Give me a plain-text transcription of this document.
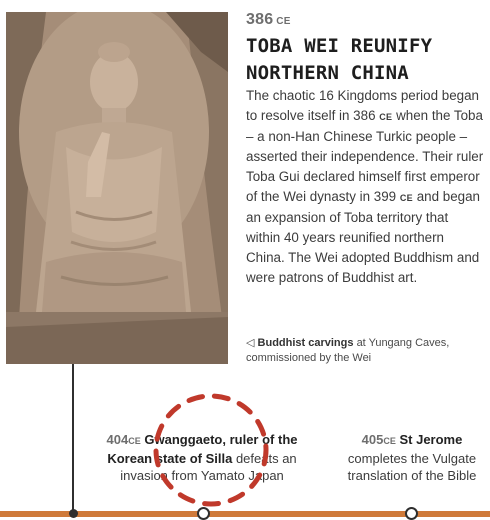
386 CE
TOBA WEI REUNIFY
NORTHERN CHINA
The chaotic 16 Kingdoms period began to resolve itself in 386 CE when the Toba – a non-Han Chinese Turkic people – asserted their independence. Their ruler Toba Gui declared himself first emperor of the Wei dynasty in 399 CE and began an expansion of Toba territory that within 40 years reunified northern China. The Wei adopted Buddhism and were patrons of Buddhist art.
◁ Buddhist carvings at Yungang Caves, commissioned by the Wei
404CE Gwanggaeto, ruler of the Korean state of Silla defeats an invasion from Yamato Japan
405CE St Jerome completes the Vulgate translation of the Bible
